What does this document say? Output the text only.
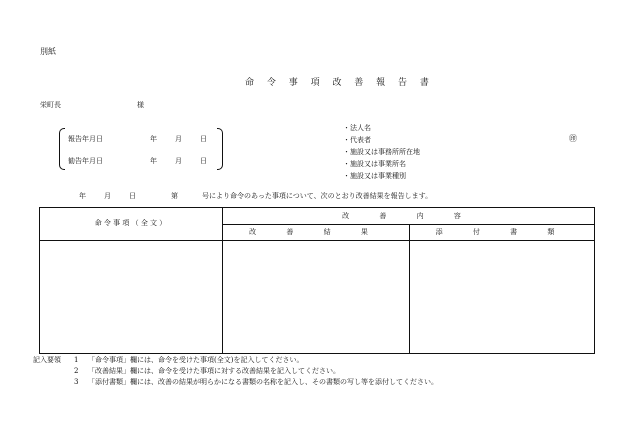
別紙
命 令 事 項 改 善 報 告 書
栄町長	様
報告年月日	年	月	日
勧告年月日	年	月	日
・法人名
・代表者
・施設又は事務所所在地
・施設又は事業所名
・施設又は事業種別
㊞
年	月	日	第	号により命令のあった事項について、次のとおり改善結果を報告します。
命 令 事 項 （ 全 文 ）
改 善 内 容
改 善 結 果	添 付 書 類
記入要領 1 「命令事項」欄には、命令を受けた事項(全文)を記入してください。
2 「改善結果」欄には、命令を受けた事項に対する改善結果を記入してください。
3 「添付書類」欄には、改善の結果が明らかになる書類の名称を記入し、その書類の写し等を添付してください。
